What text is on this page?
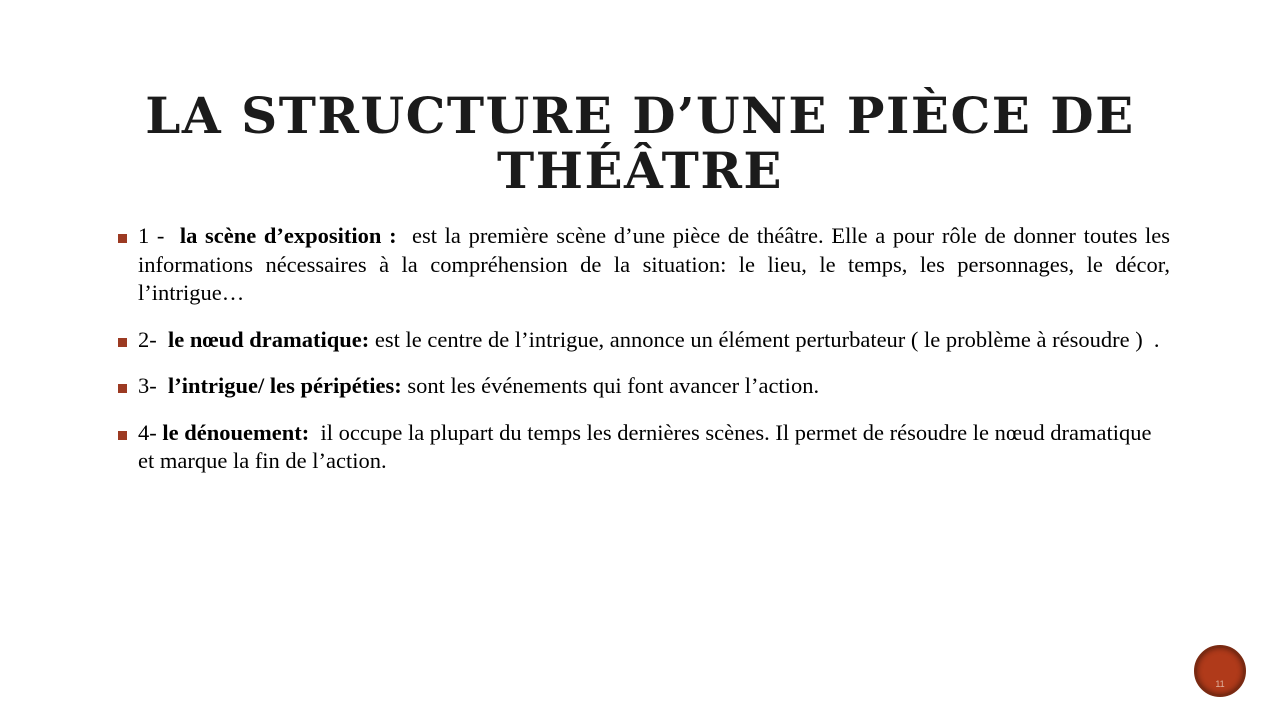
LA STRUCTURE D’UNE PIÈCE DE THÉÂTRE
1 - la scène d’exposition :  est la première scène d’une pièce de théâtre. Elle a pour rôle de donner toutes les informations nécessaires à la compréhension de la situation: le lieu, le temps, les personnages, le décor, l’intrigue…
2- le nœud dramatique: est le centre de l’intrigue, annonce un élément perturbateur ( le problème à résoudre )  .
3- l’intrigue/ les péripéties: sont les événements qui font avancer l’action.
4- le dénouement:  il occupe la plupart du temps les dernières scènes. Il permet de résoudre le nœud dramatique et marque la fin de l’action.
11
